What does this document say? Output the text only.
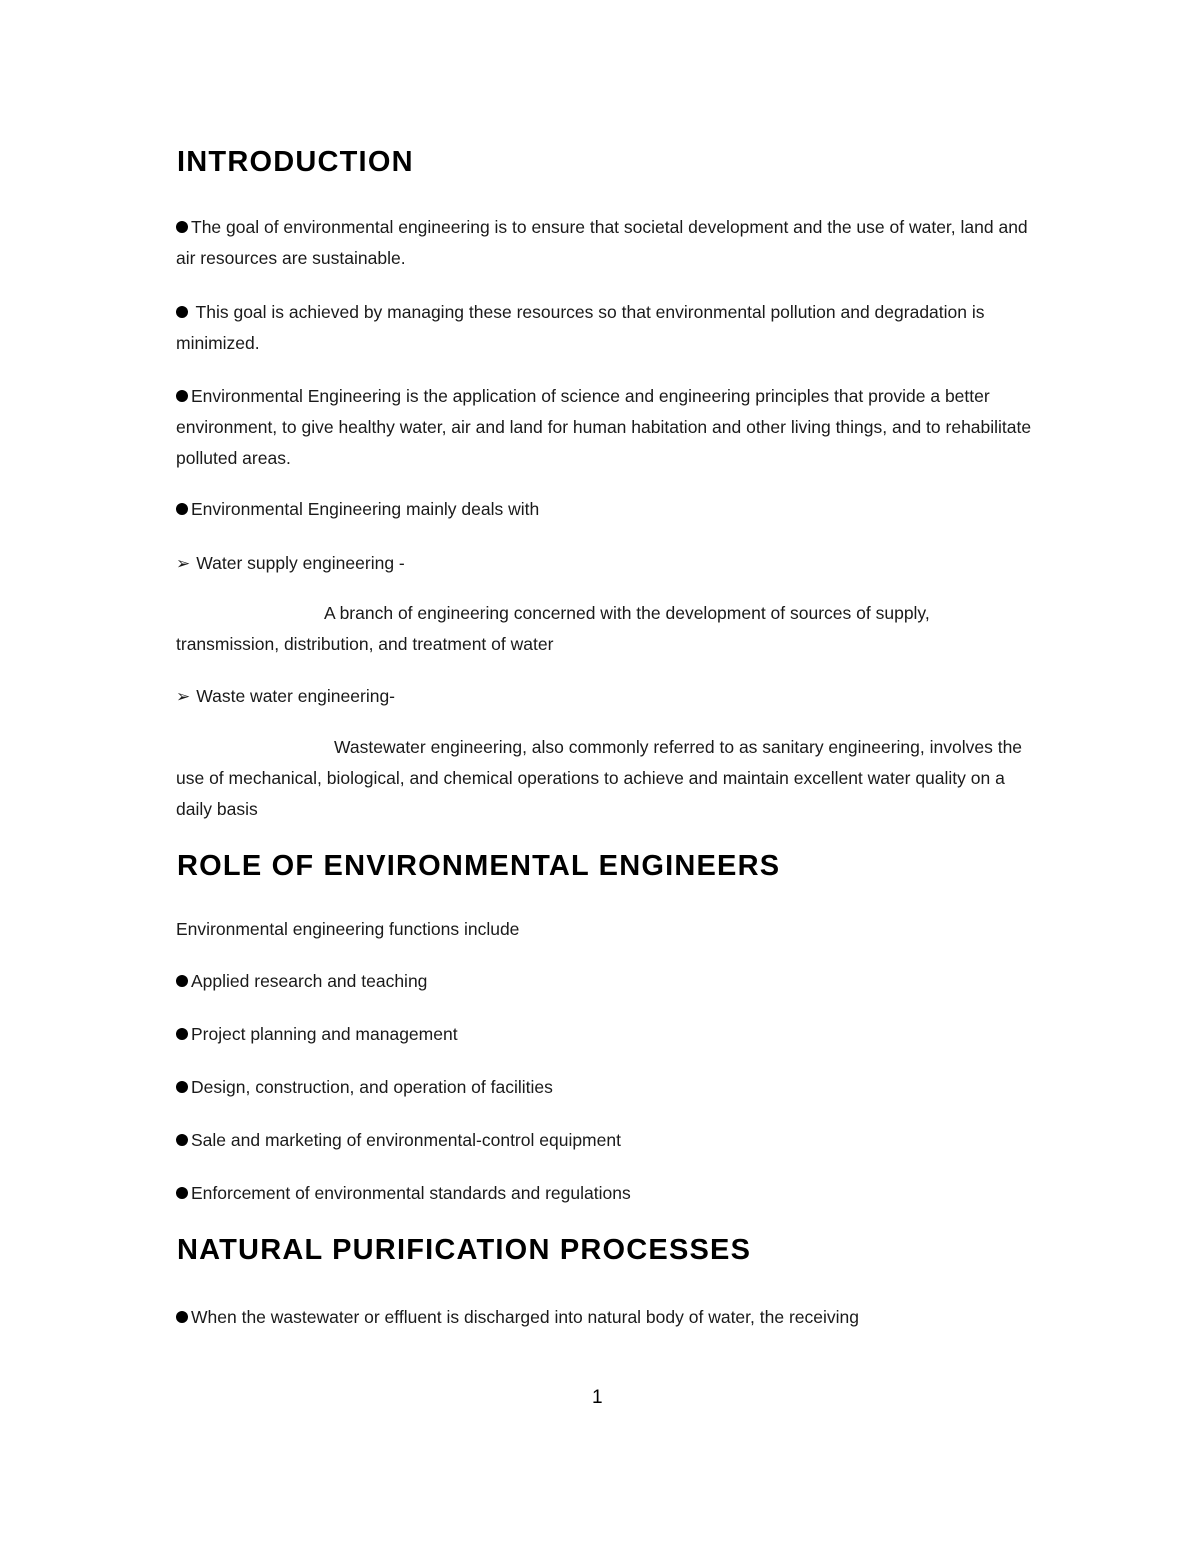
INTRODUCTION

The goal of environmental engineering is to ensure that societal development and the use of water, land and air resources are sustainable.

This goal is achieved by managing these resources so that environmental pollution and degradation is minimized.

Environmental Engineering is the application of science and engineering principles that provide a better environment, to give healthy water, air and land for human habitation and other living things, and to rehabilitate polluted areas.

Environmental Engineering mainly deals with

➢ Water supply engineering -

A branch of engineering concerned with the development of sources of supply, transmission, distribution, and treatment of water

➢ Waste water engineering-

Wastewater engineering, also commonly referred to as sanitary engineering, involves the use of mechanical, biological, and chemical operations to achieve and maintain excellent water quality on a daily basis

ROLE OF ENVIRONMENTAL ENGINEERS

Environmental engineering functions include

Applied research and teaching

Project planning and management

Design, construction, and operation of facilities

Sale and marketing of environmental-control equipment

Enforcement of environmental standards and regulations

NATURAL PURIFICATION PROCESSES

When the wastewater or effluent is discharged into natural body of water, the receiving

1
